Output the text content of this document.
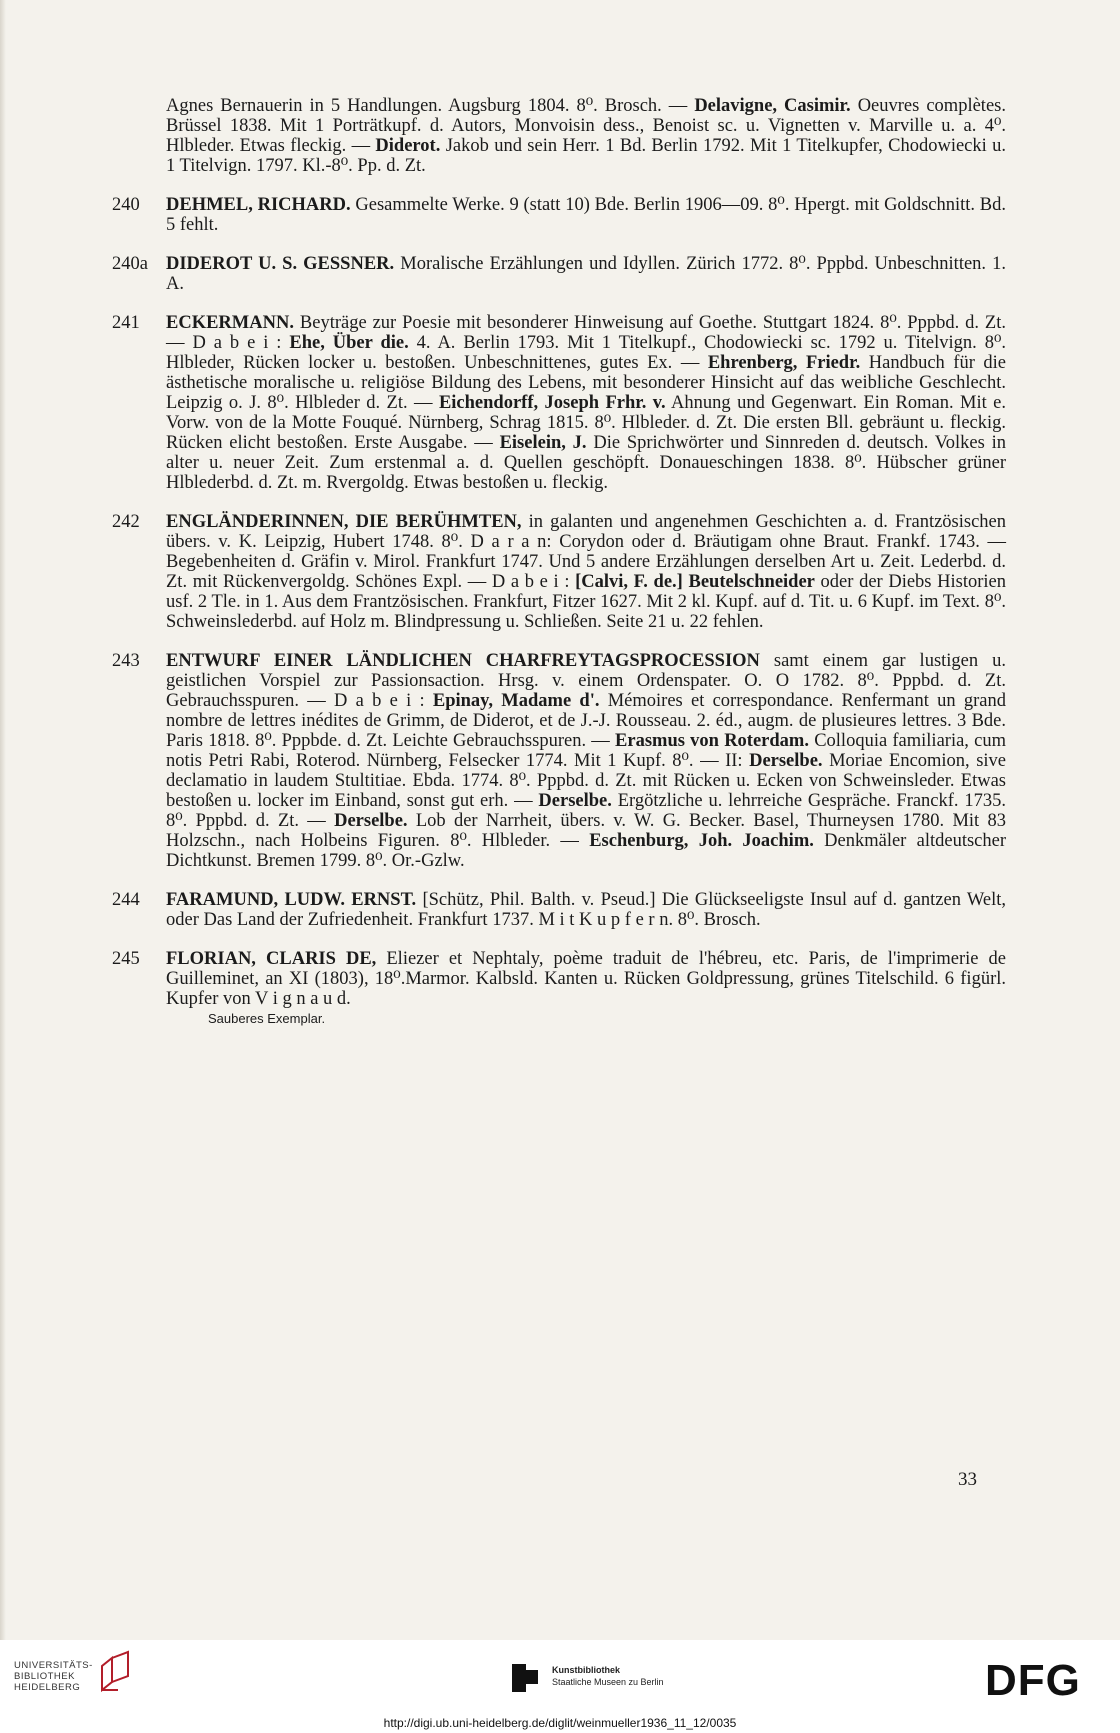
Agnes Bernauerin in 5 Handlungen. Augsburg 1804. 8⁰. Brosch. — Delavigne, Casimir. Oeuvres complètes. Brüssel 1838. Mit 1 Porträtkupf. d. Autors, Monvoisin dess., Benoist sc. u. Vignetten v. Marville u. a. 4⁰. Hlbleder. Etwas fleckig. — Diderot. Jakob und sein Herr. 1 Bd. Berlin 1792. Mit 1 Titelkupfer, Chodowiecki u. 1 Titelvign. 1797. Kl.-8⁰. Pp. d. Zt.
240	DEHMEL, RICHARD. Gesammelte Werke. 9 (statt 10) Bde. Berlin 1906—09. 8⁰. Hpergt. mit Goldschnitt. Bd. 5 fehlt.
240a DIDEROT U. S. GESSNER. Moralische Erzählungen und Idyllen. Zürich 1772. 8⁰. Pppbd. Unbeschnitten. 1. A.
241	ECKERMANN. Beyträge zur Poesie mit besonderer Hinweisung auf Goethe. Stuttgart 1824. 8⁰. Pppbd. d. Zt. — D a b e i : Ehe, Über die. 4. A. Berlin 1793. Mit 1 Titelkupf., Chodowiecki sc. 1792 u. Titelvign. 8⁰. Hlbleder, Rücken locker u. bestoßen. Unbeschnittenes, gutes Ex. — Ehrenberg, Friedr. Handbuch für die ästhetische moralische u. religiöse Bildung des Lebens, mit besonderer Hinsicht auf das weibliche Geschlecht. Leipzig o. J. 8⁰. Hlbleder d. Zt. — Eichendorff, Joseph Frhr. v. Ahnung und Gegenwart. Ein Roman. Mit e. Vorw. von de la Motte Fouqué. Nürnberg, Schrag 1815. 8⁰. Hlbleder. d. Zt. Die ersten Bll. gebräunt u. fleckig. Rücken elicht bestoßen. Erste Ausgabe. — Eiselein, J. Die Sprichwörter und Sinnreden d. deutsch. Volkes in alter u. neuer Zeit. Zum erstenmal a. d. Quellen geschöpft. Donaueschingen 1838. 8⁰. Hübscher grüner Hlblederbd. d. Zt. m. Rvergoldg. Etwas bestoßen u. fleckig.
242	ENGLÄNDERINNEN, DIE BERÜHMTEN, in galanten und angenehmen Geschichten a. d. Frantzösischen übers. v. K. Leipzig, Hubert 1748. 8⁰. D a r a n: Corydon oder d. Bräutigam ohne Braut. Frankf. 1743. — Begebenheiten d. Gräfin v. Mirol. Frankfurt 1747. Und 5 andere Erzählungen derselben Art u. Zeit. Lederbd. d. Zt. mit Rückenvergoldg. Schönes Expl. — D a b e i : [Calvi, F. de.] Beutelschneider oder der Diebs Historien usf. 2 Tle. in 1. Aus dem Frantzösischen. Frankfurt, Fitzer 1627. Mit 2 kl. Kupf. auf d. Tit. u. 6 Kupf. im Text. 8⁰. Schweinslederbd. auf Holz m. Blindpressung u. Schließen. Seite 21 u. 22 fehlen.
243	ENTWURF EINER LÄNDLICHEN CHARFREYTAGSPROCESSION samt einem gar lustigen u. geistlichen Vorspiel zur Passionsaction. Hrsg. v. einem Ordenspater. O. O 1782. 8⁰. Pppbd. d. Zt. Gebrauchsspuren. — D a b e i : Epinay, Madame d'. Mémoires et correspondance. Renfermant un grand nombre de lettres inédites de Grimm, de Diderot, et de J.-J. Rousseau. 2. éd., augm. de plusieures lettres. 3 Bde. Paris 1818. 8⁰. Pppbde. d. Zt. Leichte Gebrauchsspuren. — Erasmus von Roterdam. Colloquia familiaria, cum notis Petri Rabi, Roterod. Nürnberg, Felsecker 1774. Mit 1 Kupf. 8⁰. — II: Derselbe. Moriae Encomion, sive declamatio in laudem Stultitiae. Ebda. 1774. 8⁰. Pppbd. d. Zt. mit Rücken u. Ecken von Schweinsleder. Etwas bestoßen u. locker im Einband, sonst gut erh. — Derselbe. Ergötzliche u. lehrreiche Gespräche. Franckf. 1735. 8⁰. Pppbd. d. Zt. — Derselbe. Lob der Narrheit, übers. v. W. G. Becker. Basel, Thurneysen 1780. Mit 83 Holzschn., nach Holbeins Figuren. 8⁰. Hlbleder. — Eschenburg, Joh. Joachim. Denkmäler altdeutscher Dichtkunst. Bremen 1799. 8⁰. Or.-Gzlw.
244	FARAMUND, LUDW. ERNST. [Schütz, Phil. Balth. v. Pseud.] Die Glückseeligste Insul auf d. gantzen Welt, oder Das Land der Zufriedenheit. Frankfurt 1737. M i t K u p f e r n. 8⁰. Brosch.
245	FLORIAN, CLARIS DE, Eliezer et Nephtaly, poème traduit de l'hébreu, etc. Paris, de l'imprimerie de Guilleminet, an XI (1803), 18⁰.Marmor. Kalbsld. Kanten u. Rücken Goldpressung, grünes Titelschild. 6 figürl. Kupfer von V i g n a u d.
Sauberes Exemplar.
33
UNIVERSITÄTS-
BIBLIOTHEK
HEIDELBERG
Kunstbibliothek
Staatliche Museen zu Berlin	DFG
http://digi.ub.uni-heidelberg.de/diglit/weinmueller1936_11_12/0035
